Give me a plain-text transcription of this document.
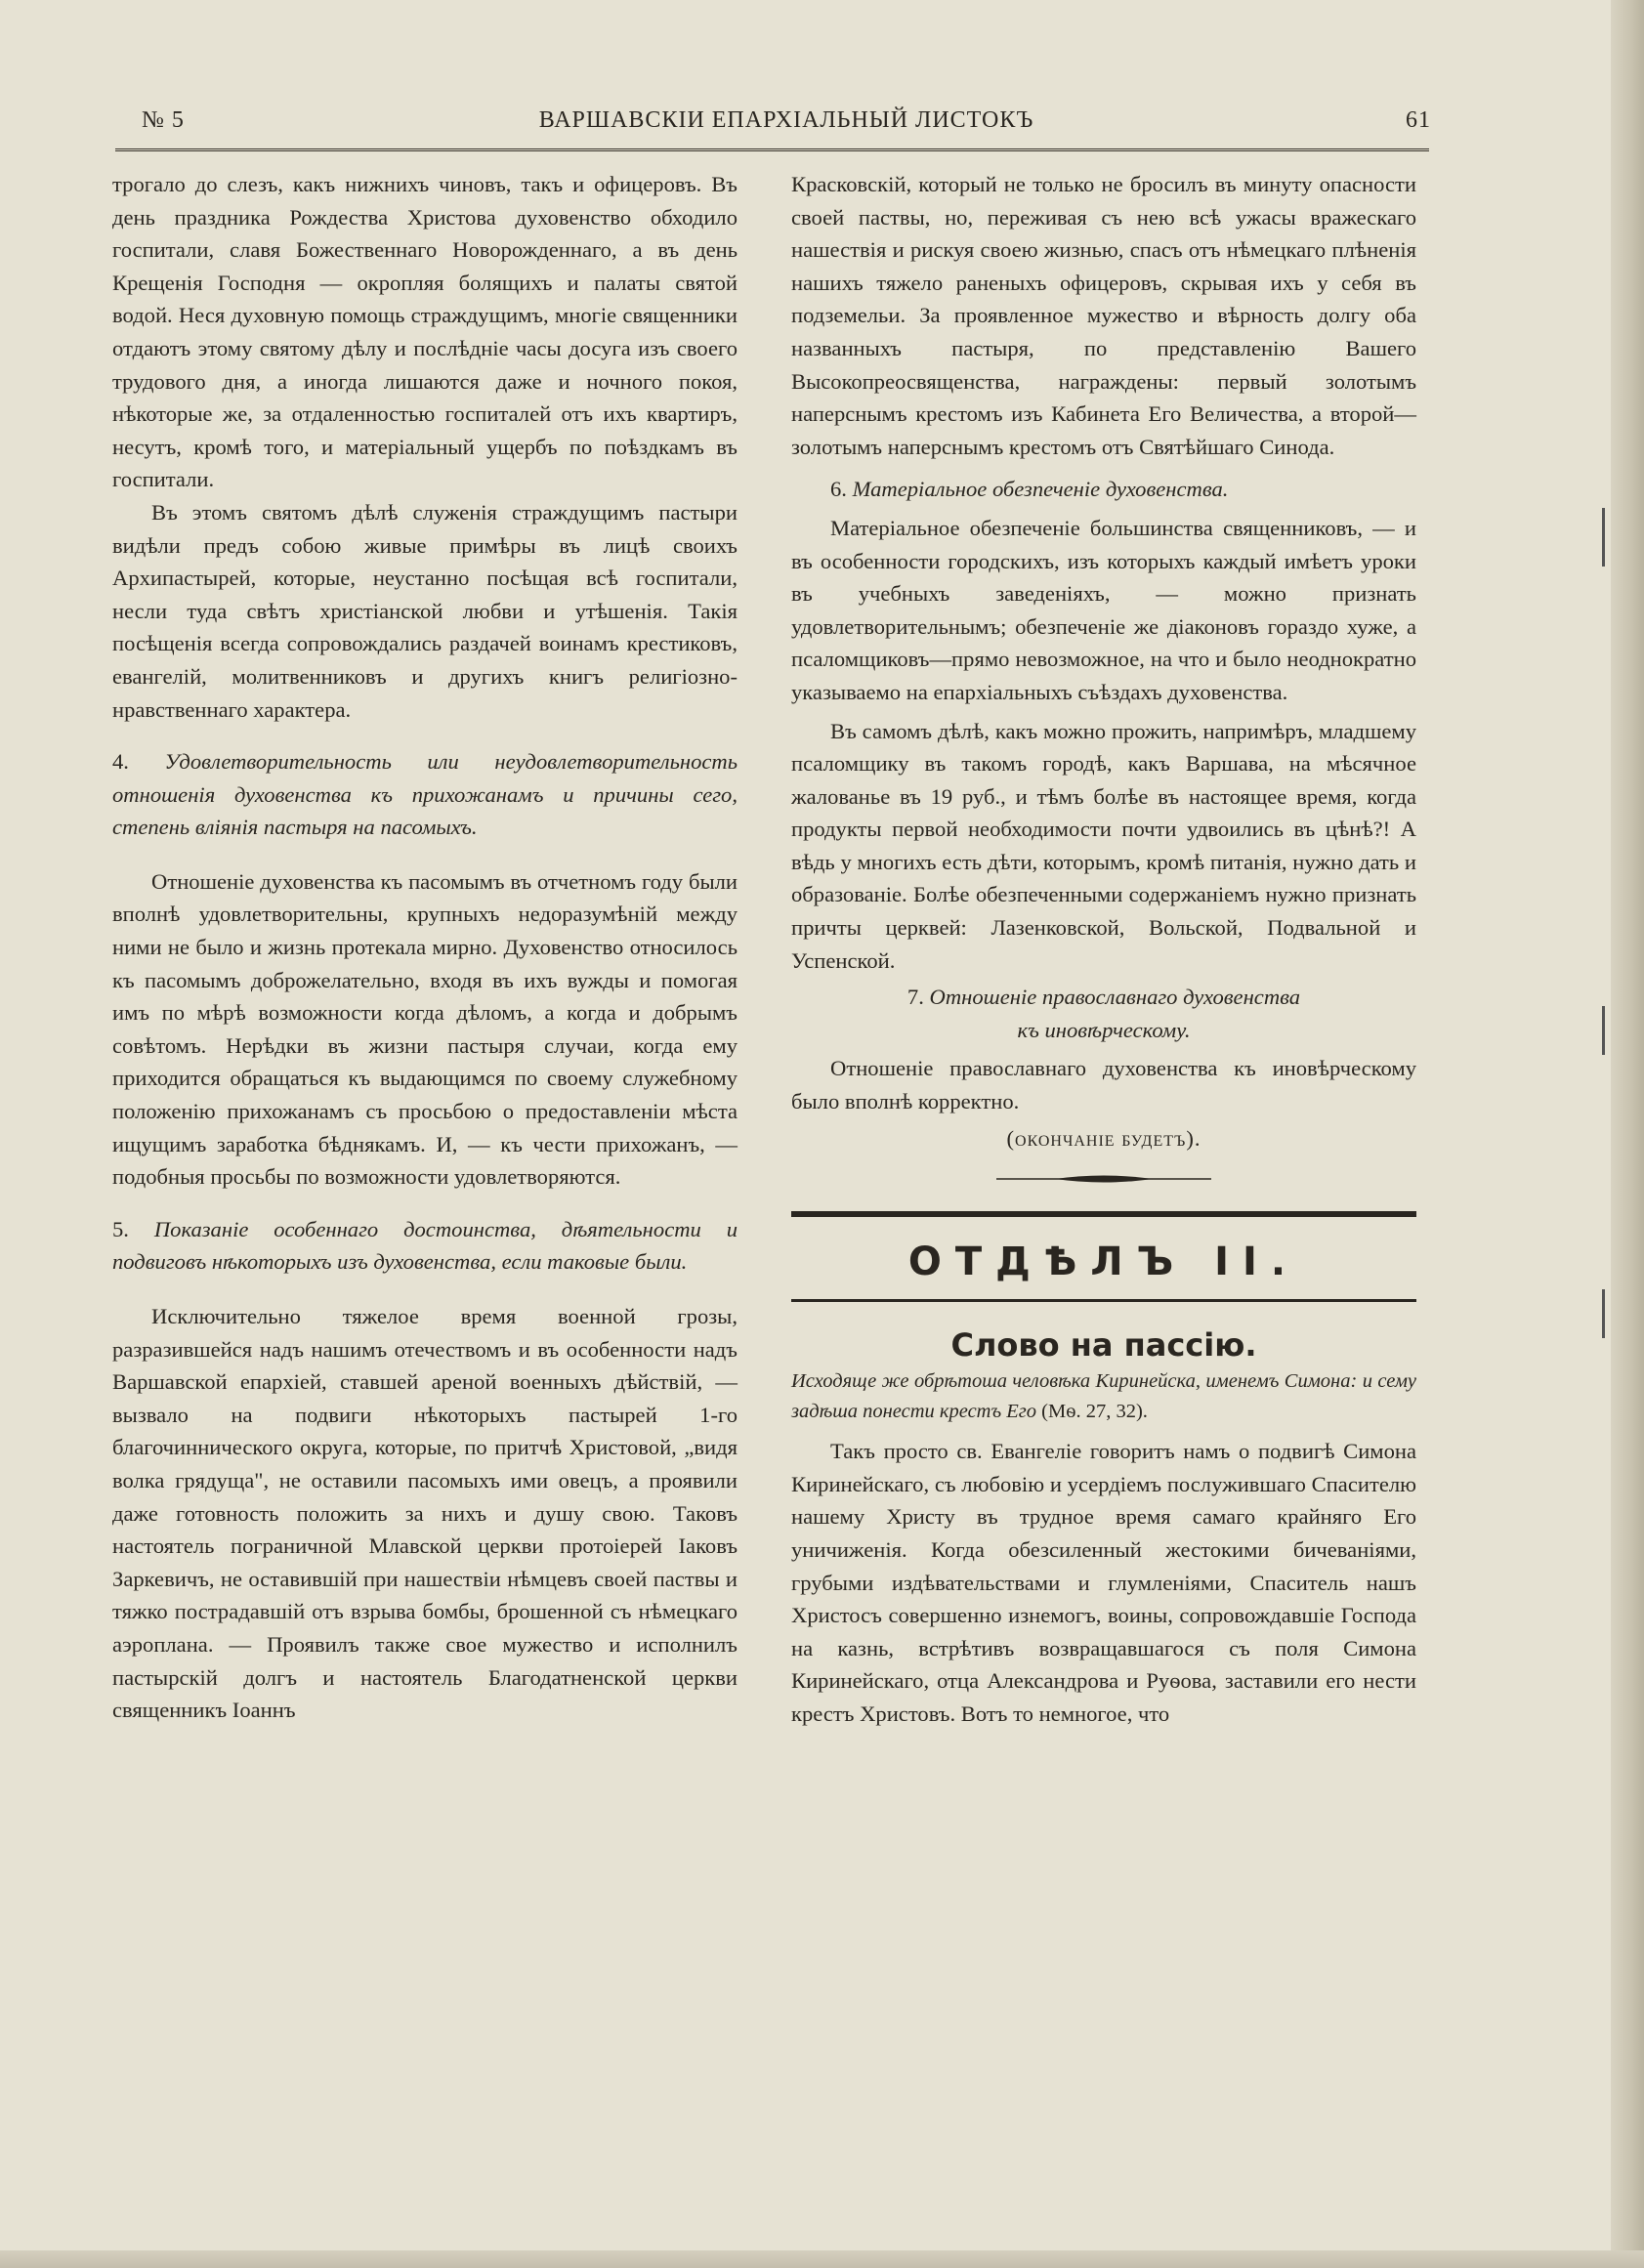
№ 5	ВАРШАВСКІИ ЕПАРХІАЛЬНЫЙ ЛИСТОКЪ	61

трогало до слезъ, какъ нижнихъ чиновъ, такъ и офицеровъ. Въ день праздника Рождества Христова духовенство обходило госпитали, славя Божественнаго Новорожденнаго, а въ день Крещенія Господня — окропляя болящихъ и палаты святой водой. Неся духовную помощь страждущимъ, многіе священники отдаютъ этому святому дѣлу и послѣдніе часы досуга изъ своего трудового дня, а иногда лишаются даже и ночного покоя, нѣкоторые же, за отдаленностью госпиталей отъ ихъ квартиръ, несутъ, кромѣ того, и матеріальный ущербъ по поѣздкамъ въ госпитали.

Въ этомъ святомъ дѣлѣ служенія страждущимъ пастыри видѣли предъ собою живые примѣры въ лицѣ своихъ Архипастырей, которые, неустанно посѣщая всѣ госпитали, несли туда свѣтъ христіанской любви и утѣшенія. Такія посѣщенія всегда сопровождались раздачей воинамъ крестиковъ, евангелій, молитвенниковъ и другихъ книгъ религіозно-нравственнаго характера.

4. Удовлетворительность или неудовлетворительность отношенія духовенства къ прихожанамъ и причины сего, степень вліянія пастыря на пасомыхъ.

Отношеніе духовенства къ пасомымъ въ отчетномъ году были вполнѣ удовлетворительны, крупныхъ недоразумѣній между ними не было и жизнь протекала мирно. Духовенство относилось къ пасомымъ доброжелательно, входя въ ихъ вужды и помогая имъ по мѣрѣ возможности когда дѣломъ, а когда и добрымъ совѣтомъ. Нерѣдки въ жизни пастыря случаи, когда ему приходится обращаться къ выдающимся по своему служебному положенію прихожанамъ съ просьбою о предоставленіи мѣста ищущимъ заработка бѣднякамъ. И, — къ чести прихожанъ, — подобныя просьбы по возможности удовлетворяются.

5. Показаніе особеннаго достоинства, дѣятельности и подвиговъ нѣкоторыхъ изъ духовенства, если таковые были.

Исключительно тяжелое время военной грозы, разразившейся надъ нашимъ отечествомъ и въ особенности надъ Варшавской епархіей, ставшей ареной военныхъ дѣйствій, — вызвало на подвиги нѣкоторыхъ пастырей 1-го благочиннического округа, которые, по притчѣ Христовой, „видя волка грядуща", не оставили пасомыхъ ими овецъ, а проявили даже готовность положить за нихъ и душу свою. Таковъ настоятель пограничной Млавской церкви протоіерей Іаковъ Заркевичъ, не оставившій при нашествіи нѣмцевъ своей паствы и тяжко пострадавшій отъ взрыва бомбы, брошенной съ нѣмецкаго аэроплана. — Проявилъ также свое мужество и исполнилъ пастырскій долгъ и настоятель Благодатненской церкви священникъ Іоаннъ

Красковскій, который не только не бросилъ въ минуту опасности своей паствы, но, переживая съ нею всѣ ужасы вражескаго нашествія и рискуя своею жизнью, спасъ отъ нѣмецкаго плѣненія нашихъ тяжело раненыхъ офицеровъ, скрывая ихъ у себя въ подземельи. За проявленное мужество и вѣрность долгу оба названныхъ пастыря, по представленію Вашего Высокопреосвященства, награждены: первый золотымъ наперснымъ крестомъ изъ Кабинета Его Величества, а второй—золотымъ наперснымъ крестомъ отъ Святѣйшаго Синода.

6. Матеріальное обезпеченіе духовенства.

Матеріальное обезпеченіе большинства священниковъ, — и въ особенности городскихъ, изъ которыхъ каждый имѣетъ уроки въ учебныхъ заведеніяхъ, — можно признать удовлетворительнымъ; обезпеченіе же діаконовъ гораздо хуже, а псаломщиковъ—прямо невозможное, на что и было неоднократно указываемо на епархіальныхъ съѣздахъ духовенства.

Въ самомъ дѣлѣ, какъ можно прожить, напримѣръ, младшему псаломщику въ такомъ городѣ, какъ Варшава, на мѣсячное жалованье въ 19 руб., и тѣмъ болѣе въ настоящее время, когда продукты первой необходимости почти удвоились въ цѣнѣ?! А вѣдь у многихъ есть дѣти, которымъ, кромѣ питанія, нужно дать и образованіе. Болѣе обезпеченными содержаніемъ нужно признать причты церквей: Лазенковской, Вольской, Подвальной и Успенской.

7. Отношеніе православнаго духовенства
къ иновѣрческому.

Отношеніе православнаго духовенства къ иновѣрческому было вполнѣ корректно.

(окончаніе будетъ).

ОТДѢЛЪ II.
Слово на пассію.

Исходяще же обрѣтоша человѣка Киринейска, именемъ Симона: и сему задѣша понести крестъ Его (Мѳ. 27, 32).

Такъ просто св. Евангеліе говоритъ намъ о подвигѣ Симона Киринейскаго, съ любовію и усердіемъ послужившаго Спасителю нашему Христу въ трудное время самаго крайняго Его уничиженія. Когда обезсиленный жестокими бичеваніями, грубыми издѣвательствами и глумленіями, Спаситель нашъ Христосъ совершенно изнемогъ, воины, сопровождавшіе Господа на казнь, встрѣтивъ возвращавшагося съ поля Симона Киринейскаго, отца Александрова и Руѳова, заставили его нести крестъ Христовъ. Вотъ то немногое, что
